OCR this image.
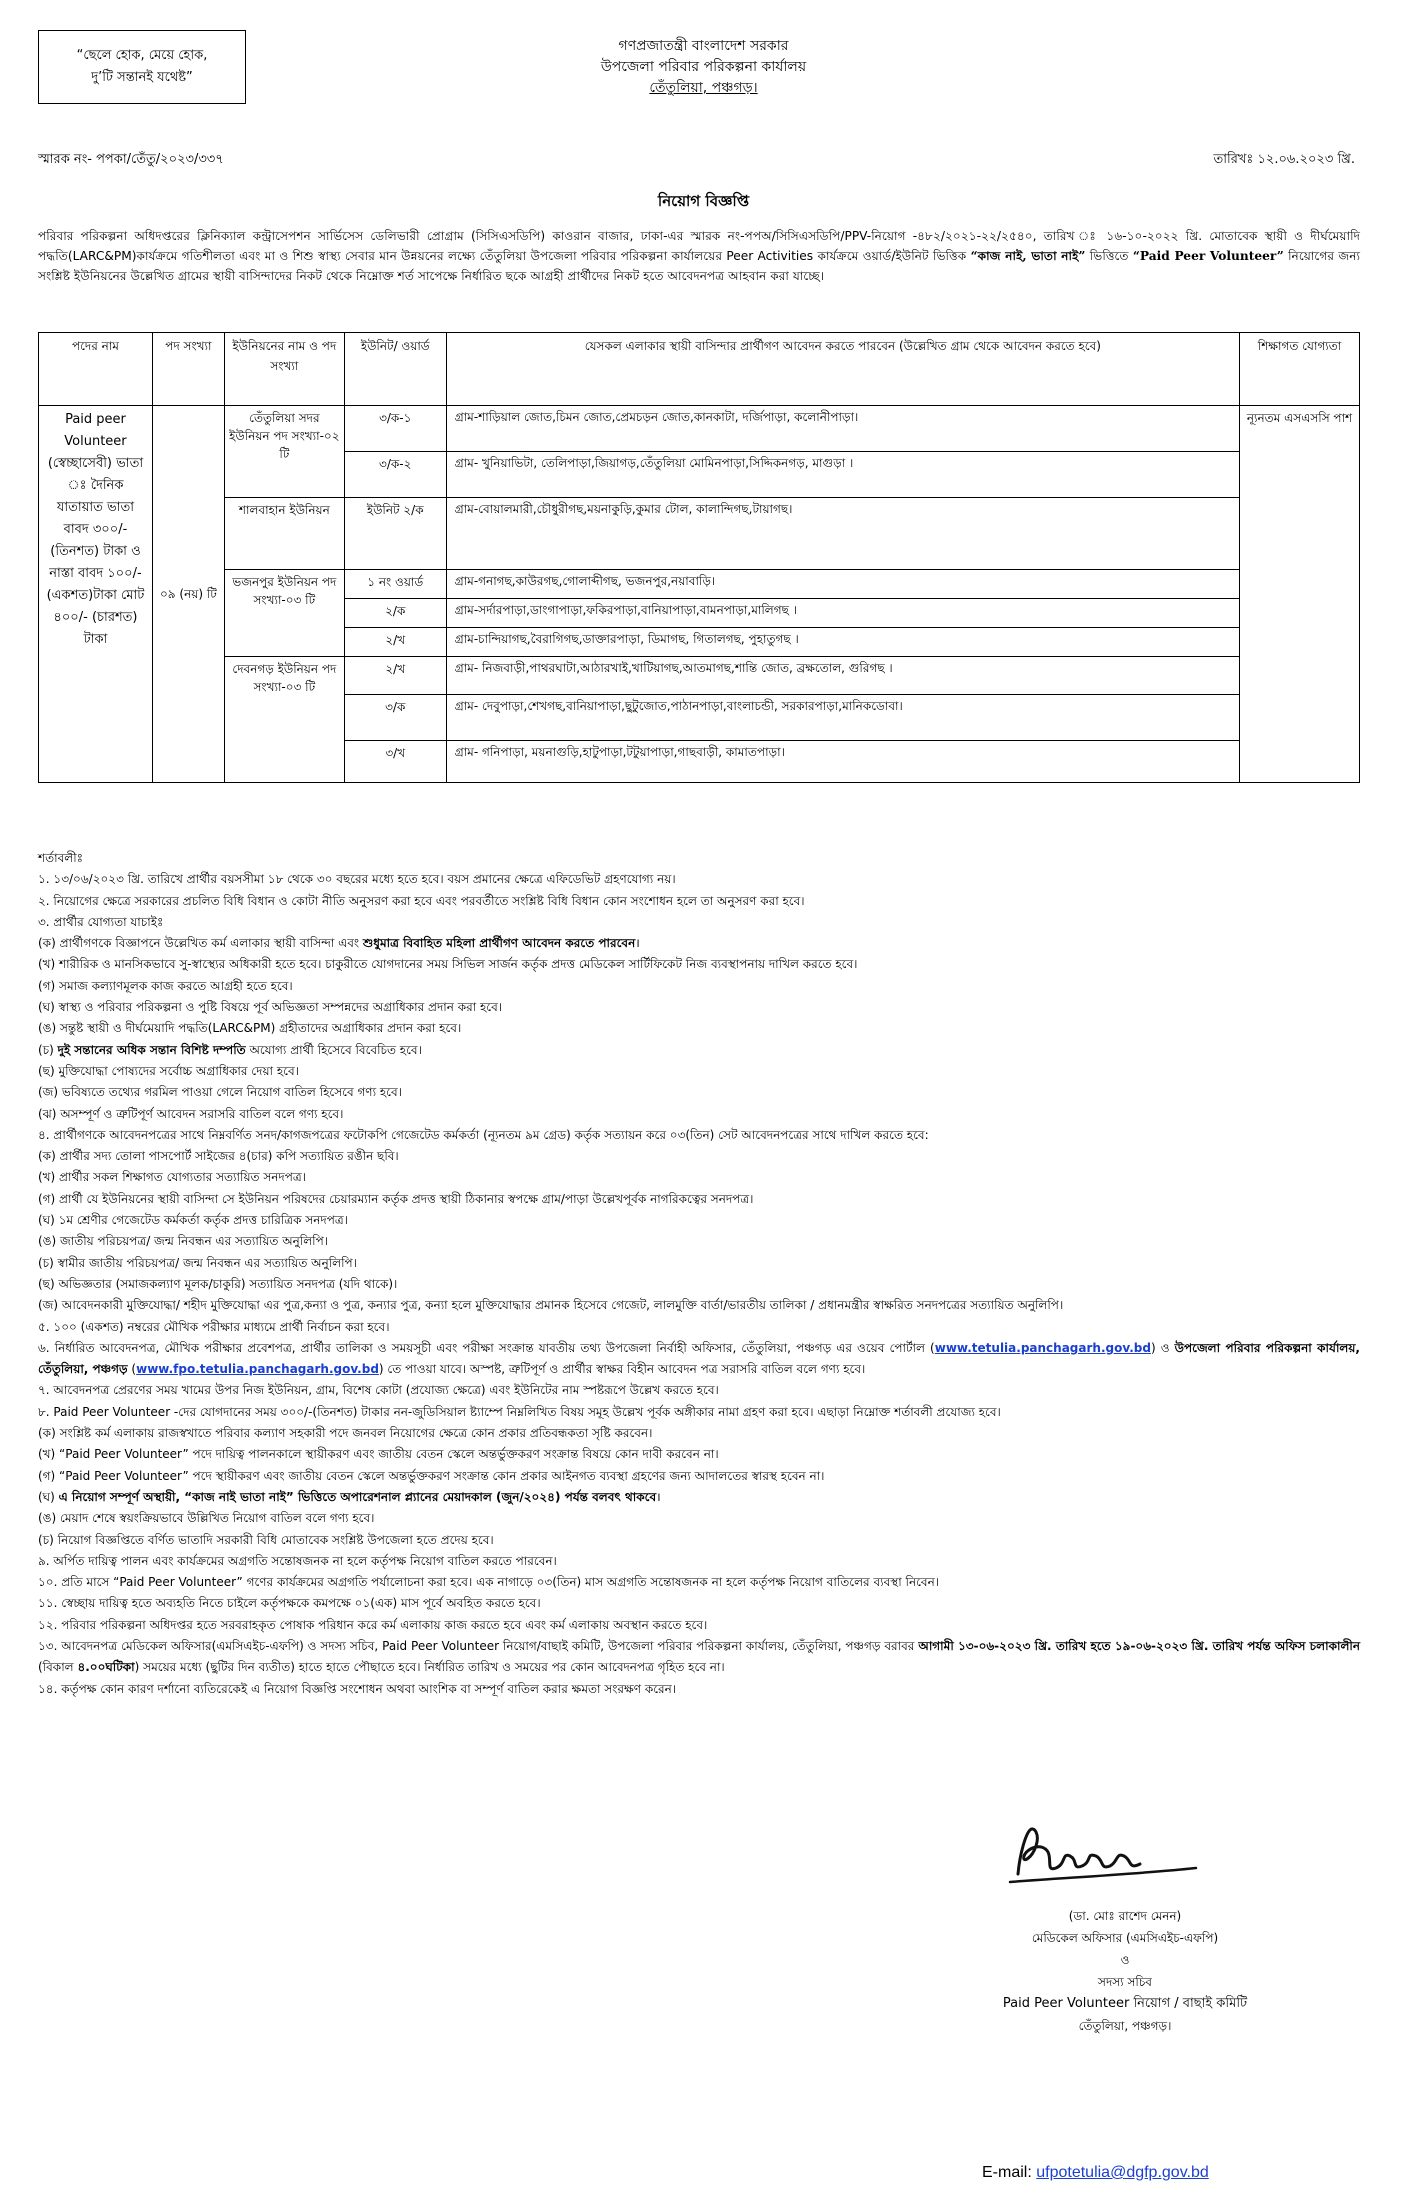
“ছেলে হোক, মেয়ে হোক,
দু’টি সন্তানই যথেষ্ট”
গণপ্রজাতন্ত্রী বাংলাদেশ সরকার
উপজেলা পরিবার পরিকল্পনা কার্যালয়
তেঁতুলিয়া, পঞ্চগড়।
স্মারক নং- পপকা/তেঁতু/২০২৩/৩৩৭	তারিখঃ ১২.০৬.২০২৩ খ্রি.
নিয়োগ বিজ্ঞপ্তি
পরিবার পরিকল্পনা অধিদপ্তরের ক্লিনিক্যাল কন্ট্রাসেপশন সার্ভিসেস ডেলিভারী প্রোগ্রাম (সিসিএসডিপি) কাওরান বাজার, ঢাকা-এর স্মারক নং-পপঅ/সিসিএসডিপি/PPV-নিয়োগ -৪৮২/২০২১-২২/২৫৪০, তারিখ ঃ ১৬-১০-২০২২ খ্রি. মোতাবেক স্থায়ী ও দীর্ঘমেয়াদি পদ্ধতি(LARC&PM)কার্যক্রমে গতিশীলতা এবং মা ও শিশু স্বাস্থ্য সেবার মান উন্নয়নের লক্ষ্যে তেঁতুলিয়া উপজেলা পরিবার পরিকল্পনা কার্যালয়ের Peer Activities কার্যক্রমে ওয়ার্ড/ইউনিট ভিত্তিক “কাজ নাই, ভাতা নাই” ভিত্তিতে “Paid Peer Volunteer” নিয়োগের জন্য সংশ্লিষ্ট ইউনিয়নের উল্লেখিত গ্রামের স্থায়ী বাসিন্দাদের নিকট থেকে নিম্নোক্ত শর্ত সাপেক্ষে নির্ধারিত ছকে আগ্রহী প্রার্থীদের নিকট হতে আবেদনপত্র আহবান করা যাচ্ছে।
পদের নাম	পদ সংখ্যা	ইউনিয়নের নাম ও পদ সংখ্যা	ইউনিট/ ওয়ার্ড	যেসকল এলাকার স্থায়ী বাসিন্দার প্রার্থীগণ আবেদন করতে পারবেন (উল্লেখিত গ্রাম থেকে আবেদন করতে হবে)	শিক্ষাগত যোগ্যতা
Paid peer Volunteer (স্বেচ্ছাসেবী) ভাতা ঃ দৈনিক যাতায়াত ভাতা বাবদ ৩০০/- (তিনশত) টাকা ও নাস্তা বাবদ ১০০/- (একশত)টাকা মোট ৪০০/- (চারশত) টাকা	০৯ (নয়) টি	তেঁতুলিয়া সদর ইউনিয়ন পদ সংখ্যা-০২ টি	৩/ক-১	গ্রাম-শাড়িয়াল জোত,চিমন জোত,প্রেমচড়ন জোত,কানকাটা, দর্জিপাড়া, কলোনীপাড়া।	ন্যূনতম এসএসসি পাশ
			৩/ক-২	গ্রাম- খুনিয়াভিটা, তেলিপাড়া,জিয়াগড়,তেঁতুলিয়া মোমিনপাড়া,সিদ্দিকনগড়, মাগুড়া ।	
		শালবাহান ইউনিয়ন	ইউনিট ২/ক	গ্রাম-বোয়ালমারী,চৌধুরীগছ,ময়নাকুড়ি,কুমার টোল, কালান্দিগছ,টায়াগছ।	
		ভজনপুর ইউনিয়ন পদ সংখ্যা-০৩ টি	১ নং ওয়ার্ড	গ্রাম-গনাগছ,কাউরগছ,গোলাব্দীগছ, ভজনপুর,নয়াবাড়ি।	
			২/ক	গ্রাম-সর্দারপাড়া,ডাংগাপাড়া,ফকিরপাড়া,বানিয়াপাড়া,বামনপাড়া,মালিগছ ।	
			২/খ	গ্রাম-চান্দিয়াগছ,বৈরাগিগছ,ডাক্তারপাড়া, ডিমাগছ, গিতালগছ, পুহাতুগছ ।	
		দেবনগড় ইউনিয়ন পদ সংখ্যা-০৩ টি	২/খ	গ্রাম- নিজবাড়ী,পাথরঘাটা,আঠারখাই,খাটিয়াগছ,আতমাগছ,শান্তি জোত, ব্রক্ষতোল, গুরিগছ ।	
			৩/ক	গ্রাম- দেবুপাড়া,শেখগছ,বানিয়াপাড়া,ছুটুজোত,পাঠানপাড়া,বাংলাচন্ডী, সরকারপাড়া,মানিকডোবা।	
			৩/খ	গ্রাম- গনিপাড়া, ময়নাগুড়ি,হাটুপাড়া,টটুয়াপাড়া,গাছবাড়ী, কামাতপাড়া।	

শর্তাবলীঃ

১. ১৩/০৬/২০২৩ খ্রি. তারিখে প্রার্থীর বয়সসীমা ১৮ থেকে ৩০ বছরের মধ্যে হতে হবে। বয়স প্রমানের ক্ষেত্রে এফিডেভিট গ্রহণযোগ্য নয়।

২. নিয়োগের ক্ষেত্রে সরকারের প্রচলিত বিধি বিধান ও কোটা নীতি অনুসরণ করা হবে এবং পরবর্তীতে সংশ্লিষ্ট বিধি বিধান কোন সংশোধন হলে তা অনুসরণ করা হবে।

৩. প্রার্থীর যোগ্যতা যাচাইঃ

(ক) প্রার্থীগণকে বিজ্ঞাপনে উল্লেখিত কর্ম এলাকার স্থায়ী বাসিন্দা এবং শুধুমাত্র বিবাহিত মহিলা প্রার্থীগণ আবেদন করতে পারবেন।

(খ) শারীরিক ও মানসিকভাবে সু-স্বাস্থ্যের অধিকারী হতে হবে। চাকুরীতে যোগদানের সময় সিভিল সার্জন কর্তৃক প্রদত্ত মেডিকেল সার্টিফিকেট নিজ ব্যবস্থাপনায় দাখিল করতে হবে।

(গ) সমাজ কল্যাণমূলক কাজ করতে আগ্রহী হতে হবে।

(ঘ) স্বাস্থ্য ও পরিবার পরিকল্পনা ও পুষ্টি বিষয়ে পূর্ব অভিজ্ঞতা সম্পন্নদের অগ্রাধিকার প্রদান করা হবে।

(ঙ) সন্তুষ্ট স্থায়ী ও দীর্ঘমেয়াদি পদ্ধতি(LARC&PM) গ্রহীতাদের অগ্রাধিকার প্রদান করা হবে।

(চ) দুই সন্তানের অধিক সন্তান বিশিষ্ট দম্পতি অযোগ্য প্রার্থী হিসেবে বিবেচিত হবে।

(ছ) মুক্তিযোদ্ধা পোষ্যদের সর্বোচ্চ অগ্রাধিকার দেয়া হবে।

(জ) ভবিষ্যতে তথ্যের গরমিল পাওয়া গেলে নিয়োগ বাতিল হিসেবে গণ্য হবে।

(ঝ) অসম্পূর্ণ ও ত্রুটিপূর্ণ আবেদন সরাসরি বাতিল বলে গণ্য হবে।

৪. প্রার্থীগণকে আবেদনপত্রের সাথে নিম্নবর্ণিত সনদ/কাগজপত্রের ফটোকপি গেজেটেড কর্মকর্তা (ন্যূনতম ৯ম গ্রেড) কর্তৃক সত্যায়ন করে ০৩(তিন) সেট আবেদনপত্রের সাথে দাখিল করতে হবে:

(ক) প্রার্থীর সদ্য তোলা পাসপোর্ট সাইজের ৪(চার) কপি সত্যায়িত রঙীন ছবি।

(খ) প্রার্থীর সকল শিক্ষাগত যোগ্যতার সত্যায়িত সনদপত্র।

(গ) প্রার্থী যে ইউনিয়নের স্থায়ী বাসিন্দা সে ইউনিয়ন পরিষদের চেয়ারম্যান কর্তৃক প্রদত্ত স্থায়ী ঠিকানার স্বপক্ষে গ্রাম/পাড়া উল্লেখপূর্বক নাগরিকত্বের সনদপত্র।

(ঘ) ১ম শ্রেণীর গেজেটেড কর্মকর্তা কর্তৃক প্রদত্ত চারিত্রিক সনদপত্র।

(ঙ) জাতীয় পরিচয়পত্র/ জন্ম নিবন্ধন এর সত্যায়িত অনুলিপি।

(চ) স্বামীর জাতীয় পরিচয়পত্র/ জন্ম নিবন্ধন এর সত্যায়িত অনুলিপি।

(ছ) অভিজ্ঞতার (সমাজকল্যাণ মূলক/চাকুরি) সত্যায়িত সনদপত্র (যদি থাকে)।

(জ) আবেদনকারী মুক্তিযোদ্ধা/ শহীদ মুক্তিযোদ্ধা এর পুত্র,কন্যা ও পুত্র, কন্যার পুত্র, কন্যা হলে মুক্তিযোদ্ধার প্রমানক হিসেবে গেজেট, লালমুক্তি বার্তা/ভারতীয় তালিকা / প্রধানমন্ত্রীর স্বাক্ষরিত সনদপত্রের সত্যায়িত অনুলিপি।

৫. ১০০ (একশত) নম্বরের মৌখিক পরীক্ষার মাধ্যমে প্রার্থী নির্বাচন করা হবে।

৬. নির্ধারিত আবেদনপত্র, মৌখিক পরীক্ষার প্রবেশপত্র, প্রার্থীর তালিকা ও সময়সূচী এবং পরীক্ষা সংক্রান্ত যাবতীয় তথ্য উপজেলা নির্বাহী অফিসার, তেঁতুলিয়া, পঞ্চগড় এর ওয়েব পোর্টাল (www.tetulia.panchagarh.gov.bd) ও উপজেলা পরিবার পরিকল্পনা কার্যালয়, তেঁতুলিয়া, পঞ্চগড় (www.fpo.tetulia.panchagarh.gov.bd) তে পাওয়া যাবে। অস্পষ্ট, ত্রুটিপূর্ণ ও প্রার্থীর স্বাক্ষর বিহীন আবেদন পত্র সরাসরি বাতিল বলে গণ্য হবে।

৭. আবেদনপত্র প্রেরণের সময় খামের উপর নিজ ইউনিয়ন, গ্রাম, বিশেষ কোটা (প্রযোজ্য ক্ষেত্রে) এবং ইউনিটের নাম স্পষ্টরূপে উল্লেখ করতে হবে।

৮. Paid Peer Volunteer -দের যোগদানের সময় ৩০০/-(তিনশত) টাকার নন-জুডিসিয়াল ষ্ট্যাম্পে নিম্নলিখিত বিষয় সমূহ উল্লেখ পূর্বক অঙ্গীকার নামা গ্রহণ করা হবে। এছাড়া নিম্নোক্ত শর্তাবলী প্রযোজ্য হবে।

(ক) সংশ্লিষ্ট কর্ম এলাকায় রাজস্বখাতে পরিবার কল্যাণ সহকারী পদে জনবল নিয়োগের ক্ষেত্রে কোন প্রকার প্রতিবন্ধকতা সৃষ্টি করবেন।

(খ) “Paid Peer Volunteer” পদে দায়িত্ব পালনকালে স্থায়ীকরণ এবং জাতীয় বেতন স্কেলে অন্তর্ভুক্তকরণ সংক্রান্ত বিষয়ে কোন দাবী করবেন না।

(গ) “Paid Peer Volunteer” পদে স্থায়ীকরণ এবং জাতীয় বেতন স্কেলে অন্তর্ভুক্তকরণ সংক্রান্ত কোন প্রকার আইনগত ব্যবস্থা গ্রহণের জন্য আদালতের স্বারস্থ হবেন না।

(ঘ) এ নিয়োগ সম্পূর্ণ অস্থায়ী, “কাজ নাই ভাতা নাই” ভিত্তিতে অপারেশনাল প্ল্যানের মেয়াদকাল (জুন/২০২৪) পর্যন্ত বলবৎ থাকবে।

(ঙ) মেয়াদ শেষে স্বয়ংক্রিয়ভাবে উল্লিখিত নিয়োগ বাতিল বলে গণ্য হবে।

(চ) নিয়োগ বিজ্ঞপ্তিতে বর্ণিত ভাতাদি সরকারী বিধি মোতাবেক সংশ্লিষ্ট উপজেলা হতে প্রদেয় হবে।

৯. অর্পিত দায়িত্ব পালন এবং কার্যক্রমের অগ্রগতি সন্তোষজনক না হলে কর্তৃপক্ষ নিয়োগ বাতিল করতে পারবেন।

১০. প্রতি মাসে “Paid Peer Volunteer” গণের কার্যক্রমের অগ্রগতি পর্যালোচনা করা হবে। এক নাগাড়ে ০৩(তিন) মাস অগ্রগতি সন্তোষজনক না হলে কর্তৃপক্ষ নিয়োগ বাতিলের ব্যবস্থা নিবেন।

১১. স্বেচ্ছায় দায়িত্ব হতে অব্যহতি নিতে চাইলে কর্তৃপক্ষকে কমপক্ষে ০১(এক) মাস পূর্বে অবহিত করতে হবে।

১২. পরিবার পরিকল্পনা অধিদপ্তর হতে সরবরাহকৃত পোষাক পরিধান করে কর্ম এলাকায় কাজ করতে হবে এবং কর্ম এলাকায় অবস্থান করতে হবে।

১৩. আবেদনপত্র মেডিকেল অফিসার(এমসিএইচ-এফপি) ও সদস্য সচিব, Paid Peer Volunteer নিয়োগ/বাছাই কমিটি, উপজেলা পরিবার পরিকল্পনা কার্যালয়, তেঁতুলিয়া, পঞ্চগড় বরাবর আগামী ১৩-০৬-২০২৩ খ্রি. তারিখ হতে ১৯-০৬-২০২৩ খ্রি. তারিখ পর্যন্ত অফিস চলাকালীন (বিকাল ৪.০০ঘটিকা) সময়ের মধ্যে (ছুটির দিন ব্যতীত) হাতে হাতে পৌছাতে হবে। নির্ধারিত তারিখ ও সময়ের পর কোন আবেদনপত্র গৃহিত হবে না।

১৪. কর্তৃপক্ষ কোন কারণ দর্শানো ব্যতিরেকেই এ নিয়োগ বিজ্ঞপ্তি সংশোধন অথবা আংশিক বা সম্পূর্ণ বাতিল করার ক্ষমতা সংরক্ষণ করেন।

(ডা. মোঃ রাশেদ মেনন)
মেডিকেল অফিসার (এমসিএইচ-এফপি)
ও
সদস্য সচিব
Paid Peer Volunteer নিয়োগ / বাছাই কমিটি
তেঁতুলিয়া, পঞ্চগড়।
E-mail: ufpotetulia@dgfp.gov.bd
